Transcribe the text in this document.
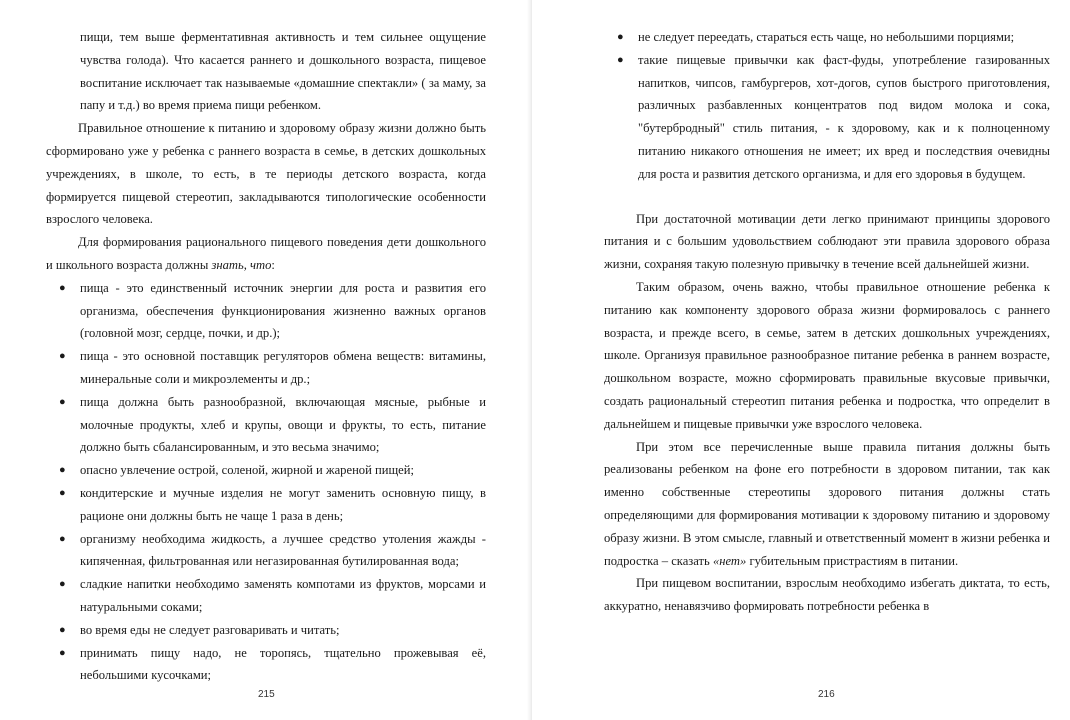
пищи, тем выше ферментативная активность и тем сильнее ощущение чувства голода). Что касается раннего и дошкольного возраста, пищевое воспитание исключает так называемые «домашние спектакли» ( за маму, за папу и т.д.) во время приема пищи ребенком.

Правильное отношение к питанию и здоровому образу жизни должно быть сформировано уже у ребенка с раннего возраста в семье, в детских дошкольных учреждениях, в школе, то есть, в те периоды детского возраста, когда формируется пищевой стереотип, закладываются типологические особенности взрослого человека.

Для формирования рационального пищевого поведения дети дошкольного и школьного возраста должны знать, что:

● пища - это единственный источник энергии для роста и развития его организма, обеспечения функционирования жизненно важных органов (головной мозг, сердце, почки, и др.);
● пища - это основной поставщик регуляторов обмена веществ: витамины, минеральные соли и микроэлементы и др.;
● пища должна быть разнообразной, включающая мясные, рыбные и молочные продукты, хлеб и крупы, овощи и фрукты, то есть, питание должно быть сбалансированным, и это весьма значимо;
● опасно увлечение острой, соленой, жирной и жареной пищей;
● кондитерские и мучные изделия не могут заменить основную пищу, в рационе они должны быть не чаще 1 раза в день;
● организму необходима жидкость, а лучшее средство утоления жажды - кипяченная, фильтрованная или негазированная бутилированная вода;
● сладкие напитки необходимо заменять компотами из фруктов, морсами и натуральными соками;
● во время еды не следует разговаривать и читать;
● принимать пищу надо, не торопясь, тщательно прожевывая её, небольшими кусочками;
215
● не следует переедать, стараться есть чаще, но небольшими порциями;
● такие пищевые привычки как фаст-фуды, употребление газированных напитков, чипсов, гамбургеров, хот-догов, супов быстрого приготовления, различных разбавленных концентратов под видом молока и сока, "бутербродный" стиль питания, - к здоровому, как и к полноценному питанию никакого отношения не имеет; их вред и последствия очевидны для роста и развития детского организма, и для его здоровья в будущем.

При достаточной мотивации дети легко принимают принципы здорового питания и с большим удовольствием соблюдают эти правила здорового образа жизни, сохраняя такую полезную привычку в течение всей дальнейшей жизни.

Таким образом, очень важно, чтобы правильное отношение ребенка к питанию как компоненту здорового образа жизни формировалось с раннего возраста, и прежде всего, в семье, затем в детских дошкольных учреждениях, школе. Организуя правильное разнообразное питание ребенка в раннем возрасте, дошкольном возрасте, можно сформировать правильные вкусовые привычки, создать рациональный стереотип питания ребенка и подростка, что определит в дальнейшем и пищевые привычки уже взрослого человека.

При этом все перечисленные выше правила питания должны быть реализованы ребенком на фоне его потребности в здоровом питании, так как именно собственные стереотипы здорового питания должны стать определяющими для формирования мотивации к здоровому питанию и здоровому образу жизни. В этом смысле, главный и ответственный момент в жизни ребенка и подростка – сказать «нет» губительным пристрастиям в питании.

При пищевом воспитании, взрослым необходимо избегать диктата, то есть, аккуратно, ненавязчиво формировать потребности ребенка в

216
